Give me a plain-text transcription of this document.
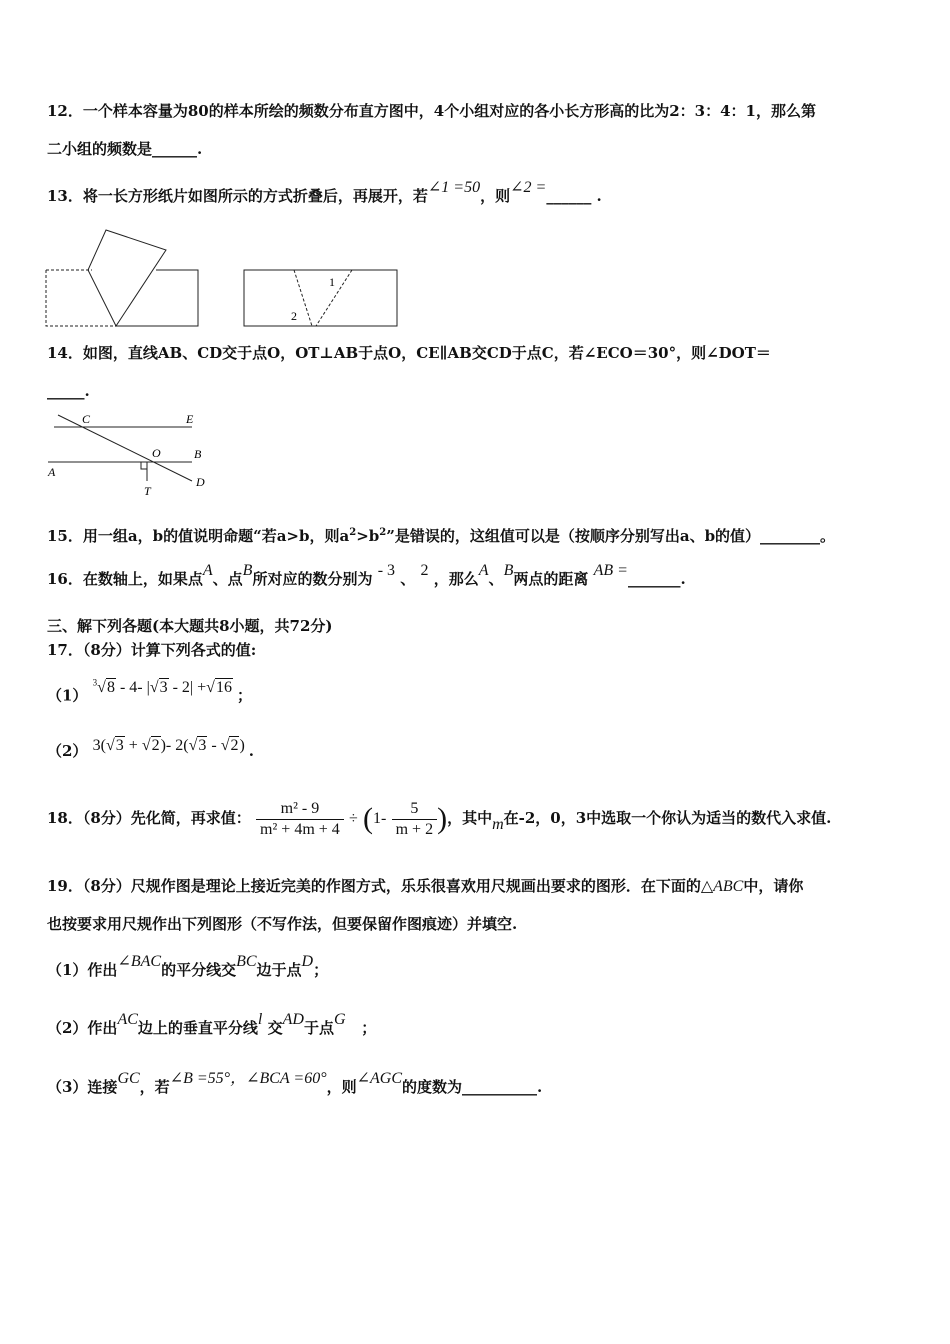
12．一个样本容量为80的样本所绘的频数分布直方图中，4个小组对应的各小长方形高的比为2：3：4：1，那么第
二小组的频数是______.
13．将一长方形纸片如图所示的方式折叠后，再展开，若∠1 =50，则∠2 =______ .
1
2
14．如图，直线AB、CD交于点O，OT⊥AB于点O，CE∥AB交CD于点C，若∠ECO＝30°，则∠DOT＝
_____.
C	E
O	B
A
T
D
15．用一组a，b的值说明命题“若a>b，则$a^2>b^2$”是错误的，这组值可以是（按顺序分别写出a、b的值）________。
16．在数轴上，如果点A、点B所对应的数分别为 - 3 、 2 ，那么A、B两点的距离 AB =_______.
三、解下列各题(本大题共8小题，共72分)
17．（8分）计算下列各式的值:
（1） $^3$√8 - 4- |√3 - 2| +√16 ；
（2） 3(√3 + √2)- 2(√3 - √2) .
18．（8分）先化简，再求值： $\frac{\text{m² - 9}}{\text{m² + 4m + 4}} \div (1- \frac{5}{m + 2}$ )，其中m在-2，0，3中选取一个你认为适当的数代入求值.
19．（8分）尺规作图是理论上接近完美的作图方式，乐乐很喜欢用尺规画出要求的图形．在下面的△ABC中，请你
也按要求用尺规作出下列图形（不写作法，但要保留作图痕迹）并填空.
（1）作出∠BAC的平分线交BC边于点D；
（2）作出AC边上的垂直平分线l 交AD于点G ；
（3）连接GC，若∠B =55°，∠BCA =60°，则∠AGC的度数为__________.
